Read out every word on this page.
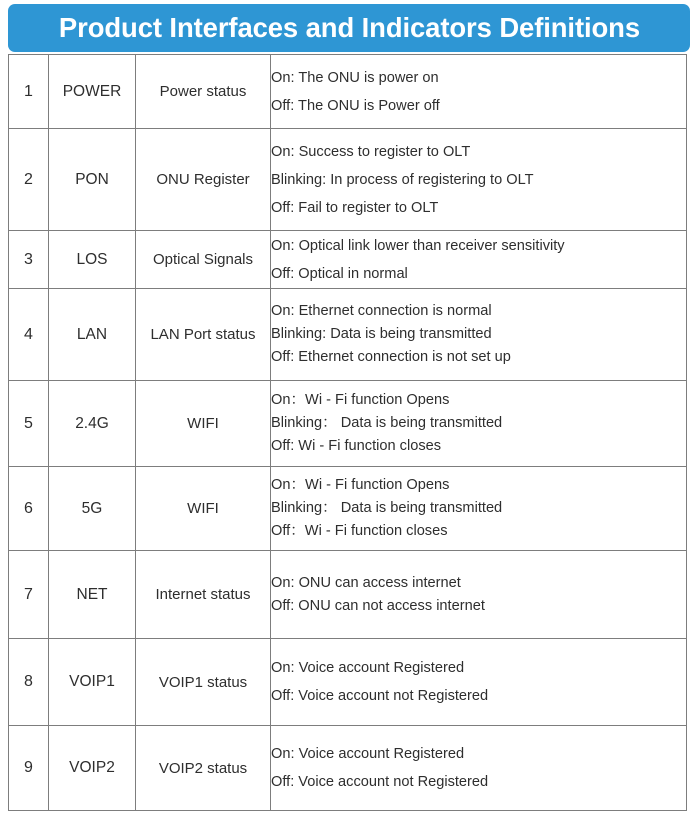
Product Interfaces and Indicators Definitions
1	POWER	Power status	On: The ONU is power on
Off: The ONU is Power off

2	PON	ONU Register	On: Success to register to OLT
Blinking: In process of registering to OLT
Off: Fail to register to OLT

3	LOS	Optical Signals	On: Optical link lower than receiver sensitivity
Off: Optical in normal

4	LAN	LAN Port status	On: Ethernet connection is normal
Blinking: Data is being transmitted
Off: Ethernet connection is not set up

5	2.4G	WIFI	On：Wi - Fi function Opens
Blinking： Data is being transmitted
Off: Wi - Fi function closes

6	5G	WIFI	On：Wi - Fi function Opens
Blinking： Data is being transmitted
Off：Wi - Fi function closes

7	NET	Internet status	On: ONU can access internet
Off: ONU can not access internet

8	VOIP1	VOIP1 status	On: Voice account Registered
Off: Voice account not Registered

9	VOIP2	VOIP2 status	On: Voice account Registered
Off: Voice account not Registered
